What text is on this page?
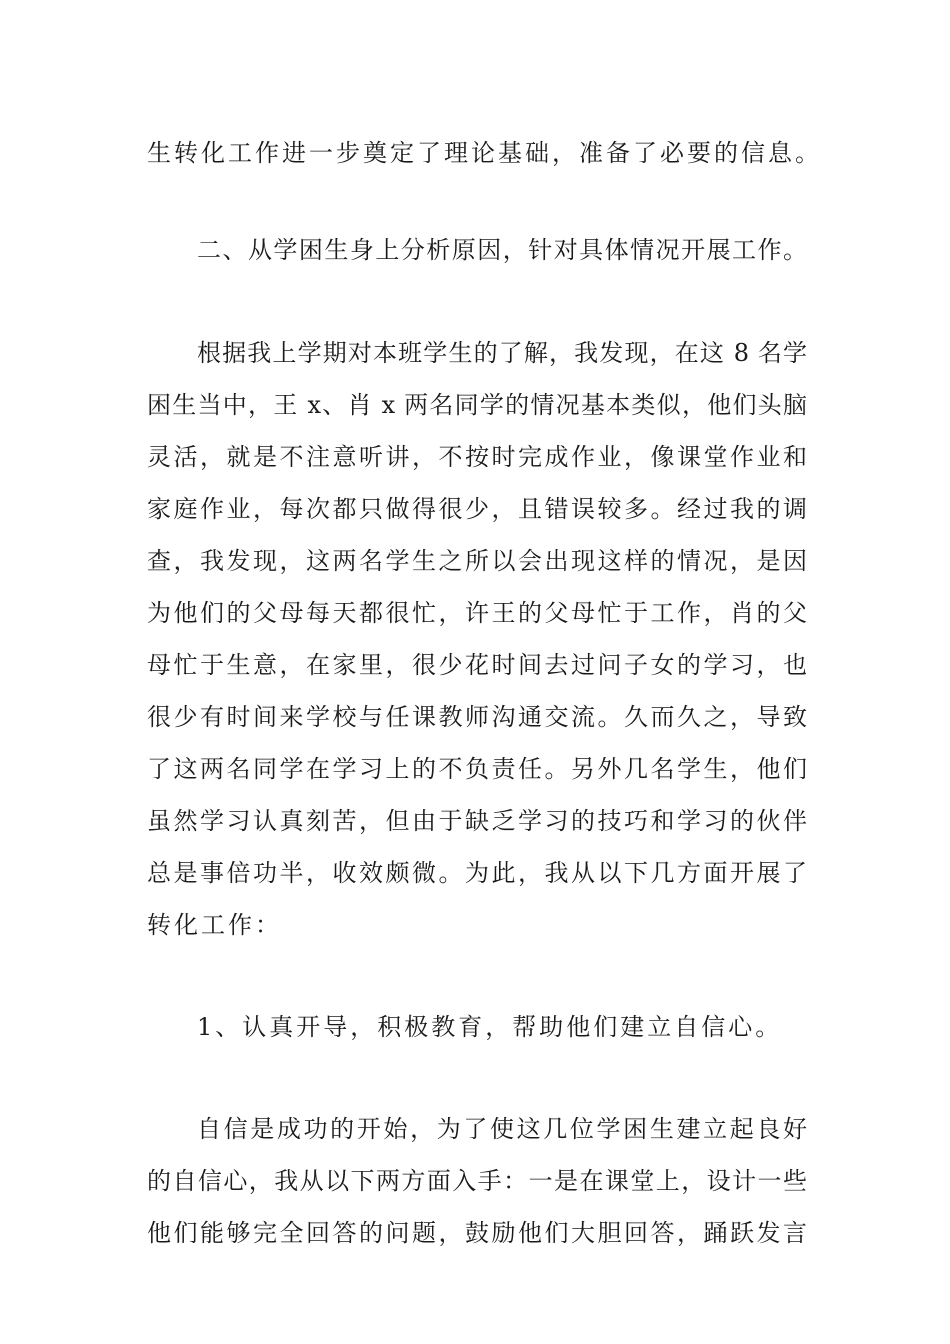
生转化工作进一步奠定了理论基础，准备了必要的信息。
二、从学困生身上分析原因，针对具体情况开展工作。
根据我上学期对本班学生的了解，我发现，在这 8 名学
困生当中，王 x、肖 x 两名同学的情况基本类似，他们头脑
灵活，就是不注意听讲，不按时完成作业，像课堂作业和
家庭作业，每次都只做得很少，且错误较多。经过我的调
查，我发现，这两名学生之所以会出现这样的情况，是因
为他们的父母每天都很忙，许王的父母忙于工作，肖的父
母忙于生意，在家里，很少花时间去过问子女的学习，也
很少有时间来学校与任课教师沟通交流。久而久之，导致
了这两名同学在学习上的不负责任。另外几名学生，他们
虽然学习认真刻苦，但由于缺乏学习的技巧和学习的伙伴
总是事倍功半，收效颇微。为此，我从以下几方面开展了
转化工作：
1、认真开导，积极教育，帮助他们建立自信心。
自信是成功的开始，为了使这几位学困生建立起良好
的自信心，我从以下两方面入手：一是在课堂上，设计一些
他们能够完全回答的问题，鼓励他们大胆回答，踊跃发言
